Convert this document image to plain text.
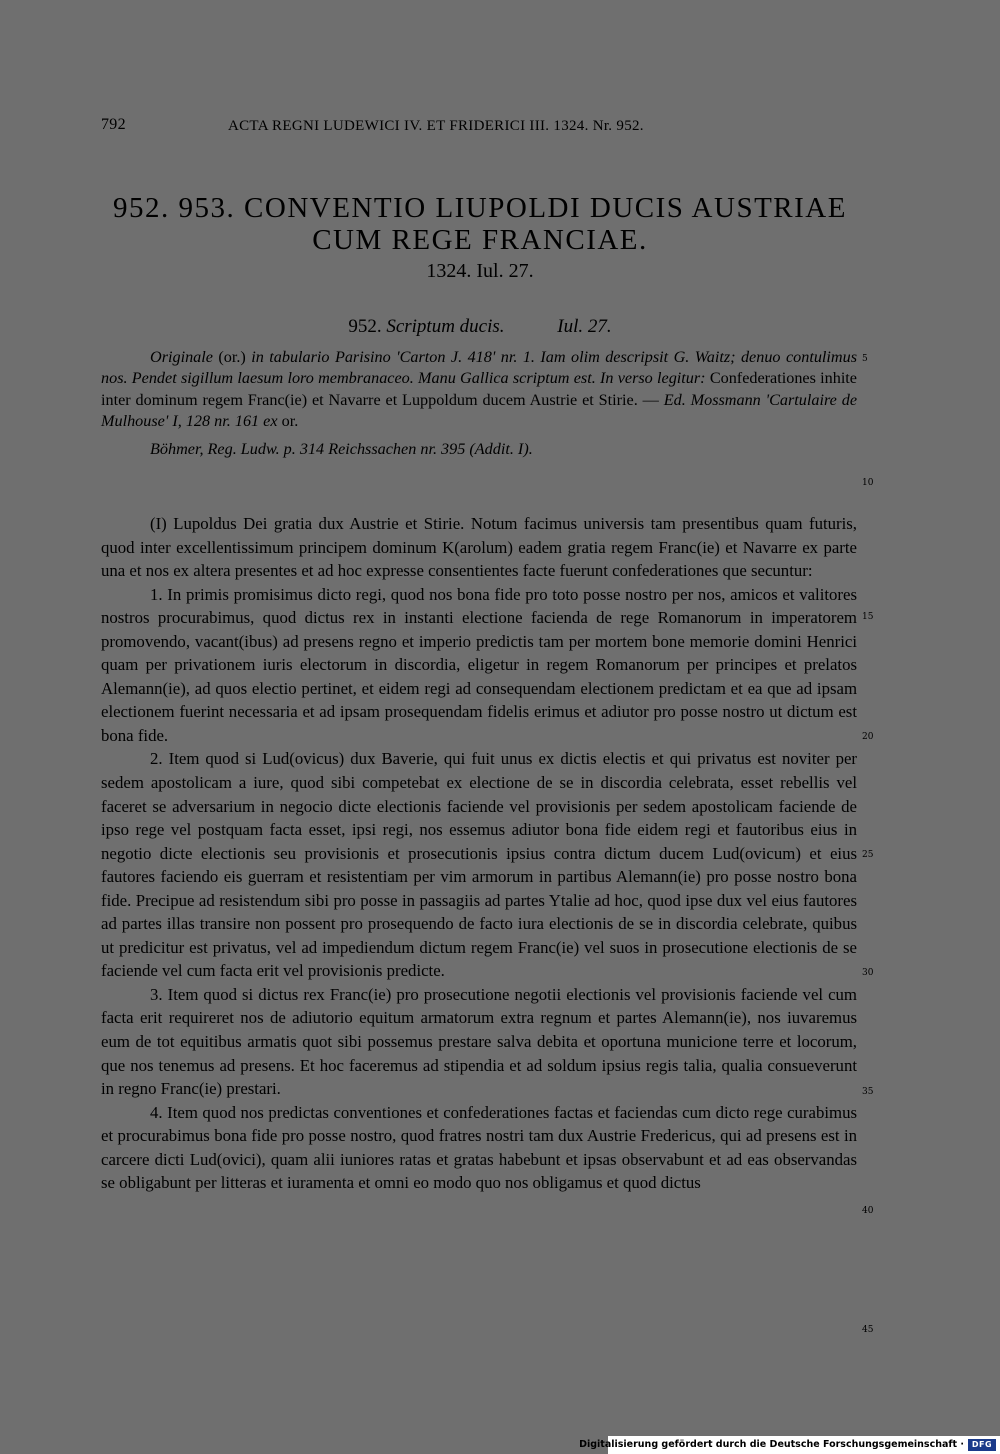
792	ACTA REGNI LUDEWICI IV. ET FRIDERICI III. 1324. Nr. 952.
952. 953. CONVENTIO LIUPOLDI DUCIS AUSTRIAE
CUM REGE FRANCIAE.
1324. Iul. 27.
952. Scriptum ducis.	Iul. 27.

Originale (or.) in tabulario Parisino 'Carton J. 418' nr. 1. Iam olim descripsit G. Waitz; denuo contulimus nos. Pendet sigillum laesum loro membranaceo. Manu Gallica scriptum est. In verso legitur: Confederationes inhite inter dominum regem Franc(ie) et Navarre et Luppoldum ducem Austrie et Stirie. — Ed. Mossmann 'Cartulaire de Mulhouse' I, 128 nr. 161 ex or.

Böhmer, Reg. Ludw. p. 314 Reichssachen nr. 395 (Addit. I).

(I) Lupoldus Dei gratia dux Austrie et Stirie. Notum facimus universis tam presentibus quam futuris, quod inter excellentissimum principem dominum K(arolum) eadem gratia regem Franc(ie) et Navarre ex parte una et nos ex altera presentes et ad hoc expresse consentientes facte fuerunt confederationes que secuntur:

1. In primis promisimus dicto regi, quod nos bona fide pro toto posse nostro per nos, amicos et valitores nostros procurabimus, quod dictus rex in instanti electione facienda de rege Romanorum in imperatorem promovendo, vacant(ibus) ad presens regno et imperio predictis tam per mortem bone memorie domini Henrici quam per privationem iuris electorum in discordia, eligetur in regem Romanorum per principes et prelatos Alemann(ie), ad quos electio pertinet, et eidem regi ad consequendam electionem predictam et ea que ad ipsam electionem fuerint necessaria et ad ipsam prosequendam fidelis erimus et adiutor pro posse nostro ut dictum est bona fide.

2. Item quod si Lud(ovicus) dux Baverie, qui fuit unus ex dictis electis et qui privatus est noviter per sedem apostolicam a iure, quod sibi competebat ex electione de se in discordia celebrata, esset rebellis vel faceret se adversarium in negocio dicte electionis faciende vel provisionis per sedem apostolicam faciende de ipso rege vel postquam facta esset, ipsi regi, nos essemus adiutor bona fide eidem regi et fautoribus eius in negotio dicte electionis seu provisionis et prosecutionis ipsius contra dictum ducem Lud(ovicum) et eius fautores faciendo eis guerram et resistentiam per vim armorum in partibus Alemann(ie) pro posse nostro bona fide. Precipue ad resistendum sibi pro posse in passagiis ad partes Ytalie ad hoc, quod ipse dux vel eius fautores ad partes illas transire non possent pro prosequendo de facto iura electionis de se in discordia celebrate, quibus ut predicitur est privatus, vel ad impediendum dictum regem Franc(ie) vel suos in prosecutione electionis de se faciende vel cum facta erit vel provisionis predicte.

3. Item quod si dictus rex Franc(ie) pro prosecutione negotii electionis vel provisionis faciende vel cum facta erit requireret nos de adiutorio equitum armatorum extra regnum et partes Alemann(ie), nos iuvaremus eum de tot equitibus armatis quot sibi possemus prestare salva debita et oportuna municione terre et locorum, que nos tenemus ad presens. Et hoc faceremus ad stipendia et ad soldum ipsius regis talia, qualia consueverunt in regno Franc(ie) prestari.

4. Item quod nos predictas conventiones et confederationes factas et faciendas cum dicto rege curabimus et procurabimus bona fide pro posse nostro, quod fratres nostri tam dux Austrie Fredericus, qui ad presens est in carcere dicti Lud(ovici), quam alii iuniores ratas et gratas habebunt et ipsas observabunt et ad eas observandas se obligabunt per litteras et iuramenta et omni eo modo quo nos obligamus et quod dictus

5
10
15
20
25
30
35
40
45
Digitalisierung gefördert durch die Deutsche Forschungsgemeinschaft · DFG
